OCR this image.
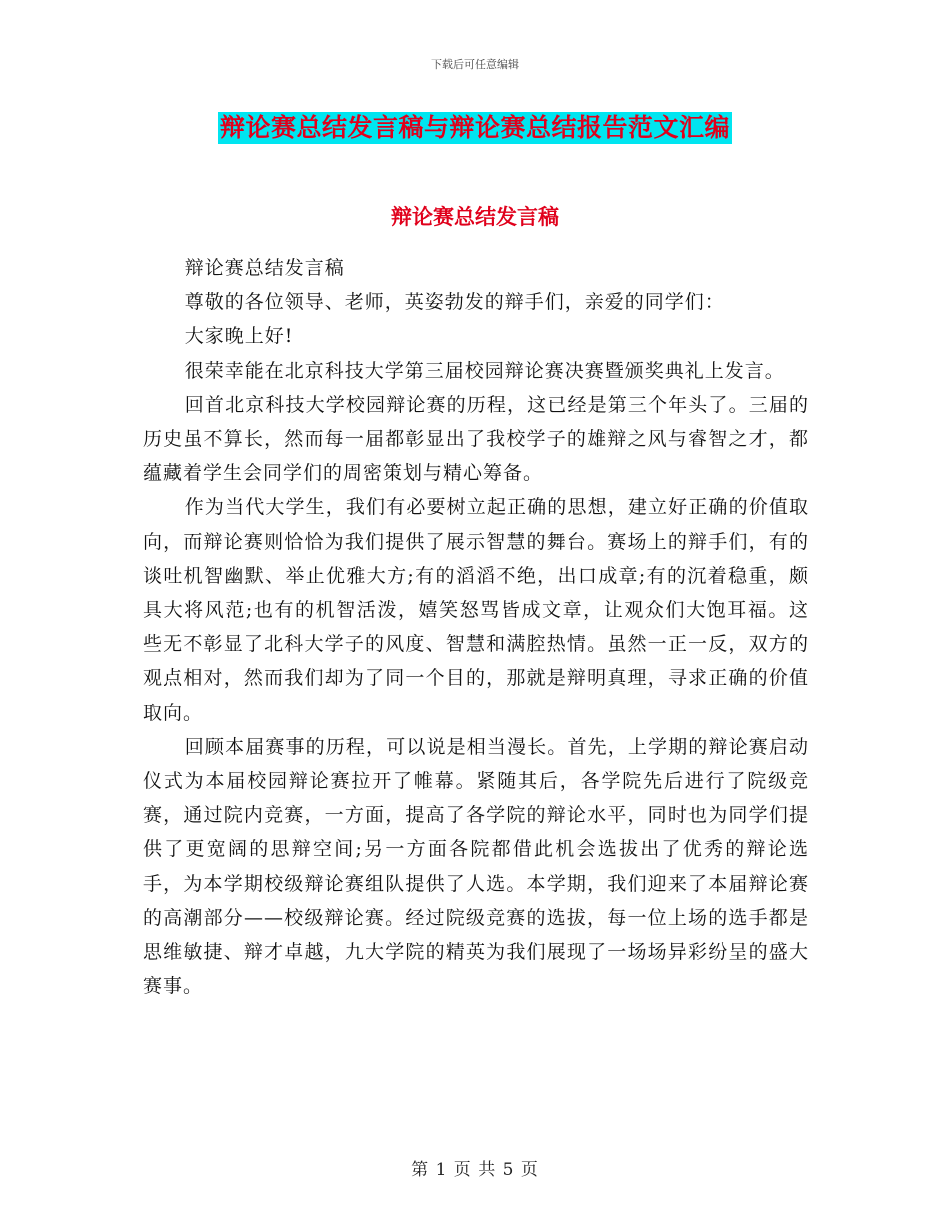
下载后可任意编辑
辩论赛总结发言稿与辩论赛总结报告范文汇编
辩论赛总结发言稿

辩论赛总结发言稿

尊敬的各位领导、老师，英姿勃发的辩手们，亲爱的同学们：

大家晚上好!

很荣幸能在北京科技大学第三届校园辩论赛决赛暨颁奖典礼上发言。

回首北京科技大学校园辩论赛的历程，这已经是第三个年头了。三届的历史虽不算长，然而每一届都彰显出了我校学子的雄辩之风与睿智之才，都蕴藏着学生会同学们的周密策划与精心筹备。

作为当代大学生，我们有必要树立起正确的思想，建立好正确的价值取向，而辩论赛则恰恰为我们提供了展示智慧的舞台。赛场上的辩手们，有的谈吐机智幽默、举止优雅大方;有的滔滔不绝，出口成章;有的沉着稳重，颇具大将风范;也有的机智活泼，嬉笑怒骂皆成文章，让观众们大饱耳福。这些无不彰显了北科大学子的风度、智慧和满腔热情。虽然一正一反，双方的观点相对，然而我们却为了同一个目的，那就是辩明真理，寻求正确的价值取向。

回顾本届赛事的历程，可以说是相当漫长。首先，上学期的辩论赛启动仪式为本届校园辩论赛拉开了帷幕。紧随其后，各学院先后进行了院级竞赛，通过院内竞赛，一方面，提高了各学院的辩论水平，同时也为同学们提供了更宽阔的思辩空间;另一方面各院都借此机会选拔出了优秀的辩论选手，为本学期校级辩论赛组队提供了人选。本学期，我们迎来了本届辩论赛的高潮部分——校级辩论赛。经过院级竞赛的选拔，每一位上场的选手都是思维敏捷、辩才卓越，九大学院的精英为我们展现了一场场异彩纷呈的盛大赛事。

第 1 页 共 5 页
